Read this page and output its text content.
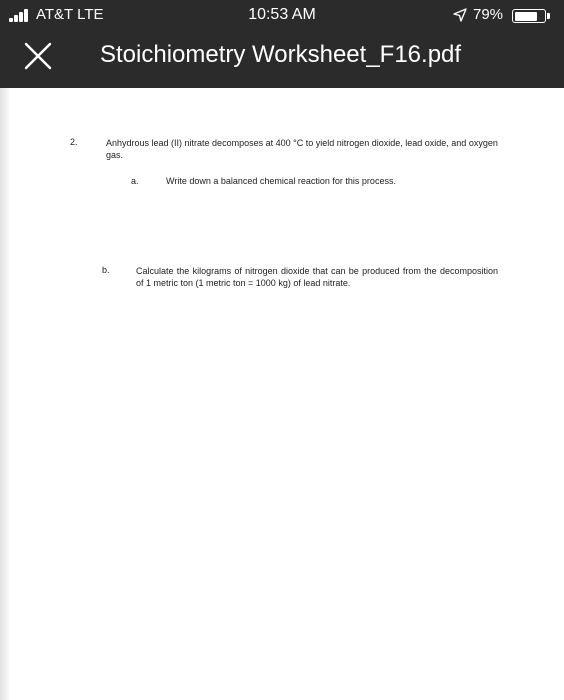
AT&T LTE	10:53 AM	79%
Stoichiometry Worksheet_F16.pdf
2.	Anhydrous lead (II) nitrate decomposes at 400 °C to yield nitrogen dioxide, lead oxide, and oxygen gas.
a.	Write down a balanced chemical reaction for this process.
b.	Calculate the kilograms of nitrogen dioxide that can be produced from the decomposition of 1 metric ton (1 metric ton = 1000 kg) of lead nitrate.
